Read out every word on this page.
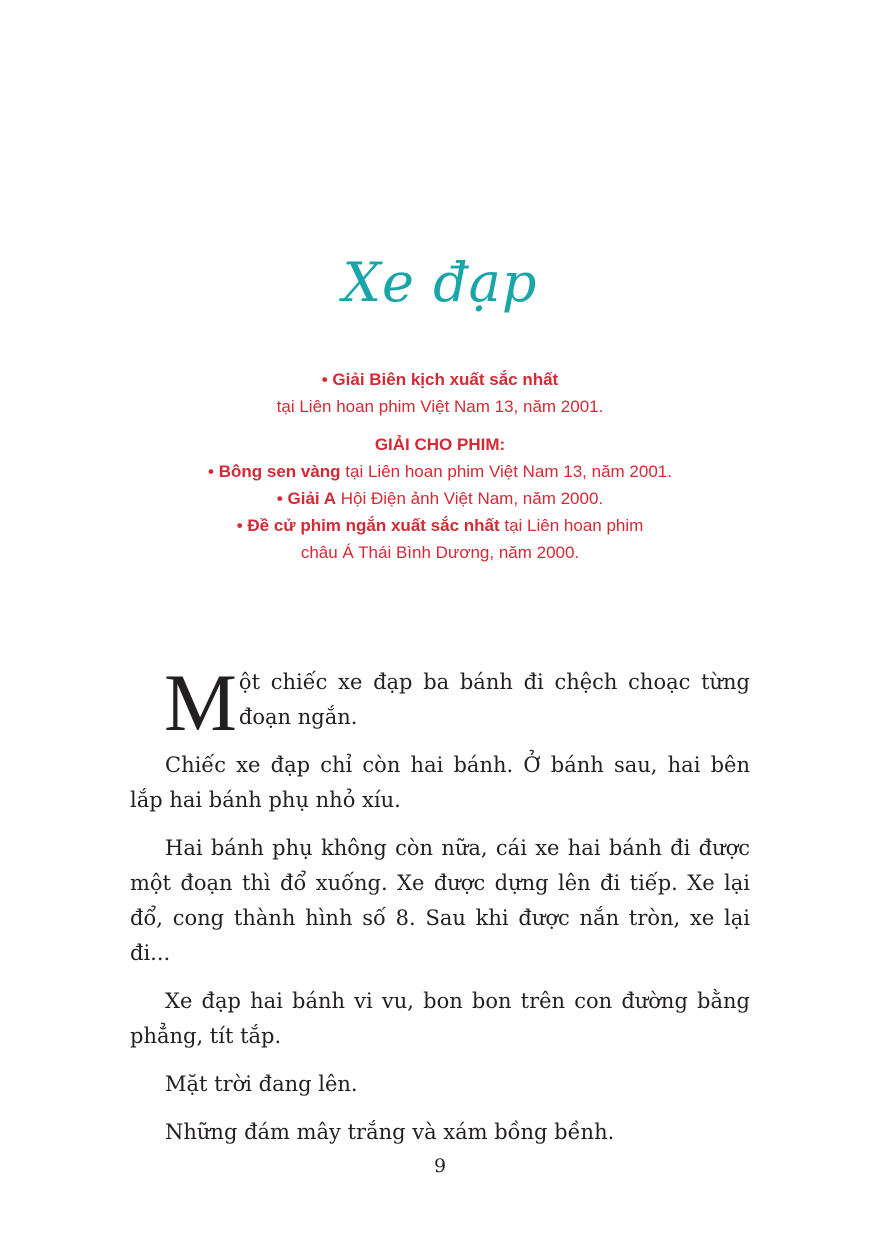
Xe đạp

• Giải Biên kịch xuất sắc nhất

tại Liên hoan phim Việt Nam 13, năm 2001.

GIẢI CHO PHIM:

• Bông sen vàng tại Liên hoan phim Việt Nam 13, năm 2001.

• Giải A Hội Điện ảnh Việt Nam, năm 2000.

• Đề cử phim ngắn xuất sắc nhất tại Liên hoan phim

châu Á Thái Bình Dương, năm 2000.

Một chiếc xe đạp ba bánh đi chệch choạc từng đoạn ngắn.

Chiếc xe đạp chỉ còn hai bánh. Ở bánh sau, hai bên lắp hai bánh phụ nhỏ xíu.

Hai bánh phụ không còn nữa, cái xe hai bánh đi được một đoạn thì đổ xuống. Xe được dựng lên đi tiếp. Xe lại đổ, cong thành hình số 8. Sau khi được nắn tròn, xe lại đi...

Xe đạp hai bánh vi vu, bon bon trên con đường bằng phẳng, tít tắp.

Mặt trời đang lên.

Những đám mây trắng và xám bồng bềnh.

9
